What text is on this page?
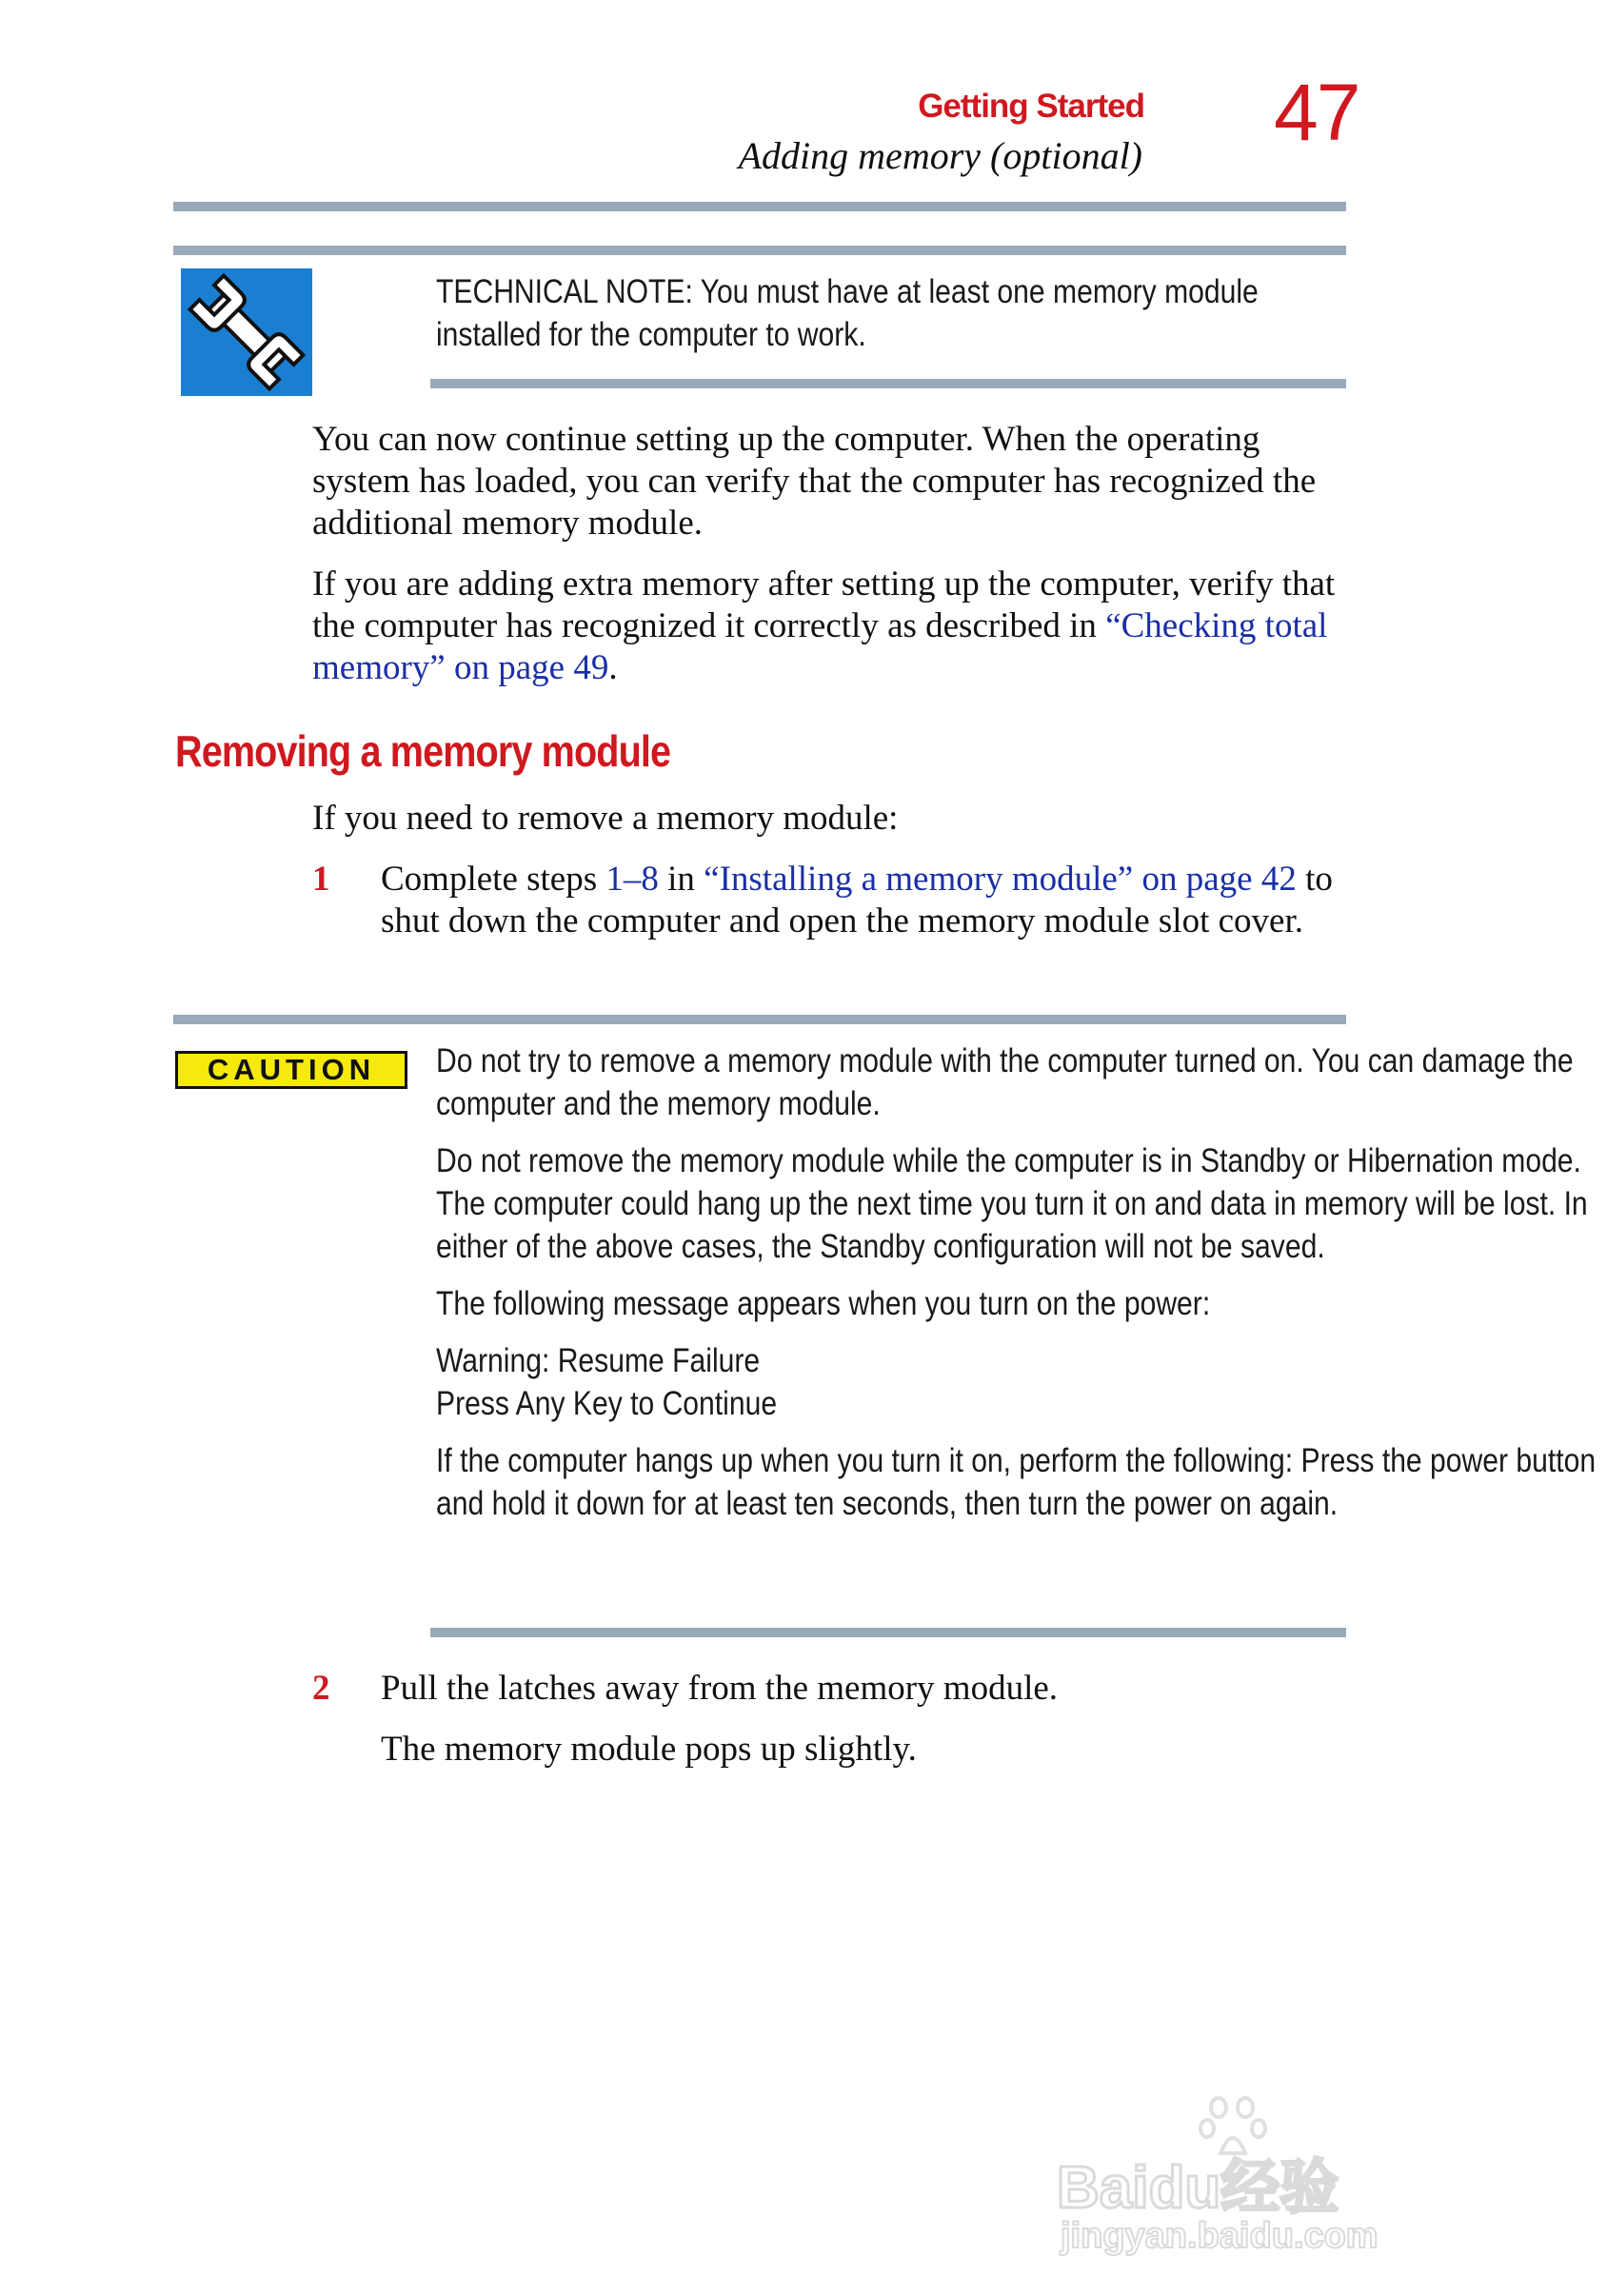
Getting Started
Adding memory (optional) 47
TECHNICAL NOTE: You must have at least one memory module
installed for the computer to work.

You can now continue setting up the computer. When the operating system has loaded, you can verify that the computer has recognized the additional memory module.

If you are adding extra memory after setting up the computer, verify that the computer has recognized it correctly as described in “Checking total memory” on page 49.

Removing a memory module

If you need to remove a memory module:

1 Complete steps 1–8 in “Installing a memory module” on page 42 to shut down the computer and open the memory module slot cover.

CAUTION	Do not try to remove a memory module with the computer turned on. You can damage the computer and the memory module.

Do not remove the memory module while the computer is in Standby or Hibernation mode. The computer could hang up the next time you turn it on and data in memory will be lost. In either of the above cases, the Standby configuration will not be saved.

The following message appears when you turn on the power:

Warning: Resume Failure
Press Any Key to Continue

If the computer hangs up when you turn it on, perform the following: Press the power button and hold it down for at least ten seconds, then turn the power on again.

2 Pull the latches away from the memory module.

The memory module pops up slightly.

Baidu经验
jingyan.baidu.com
